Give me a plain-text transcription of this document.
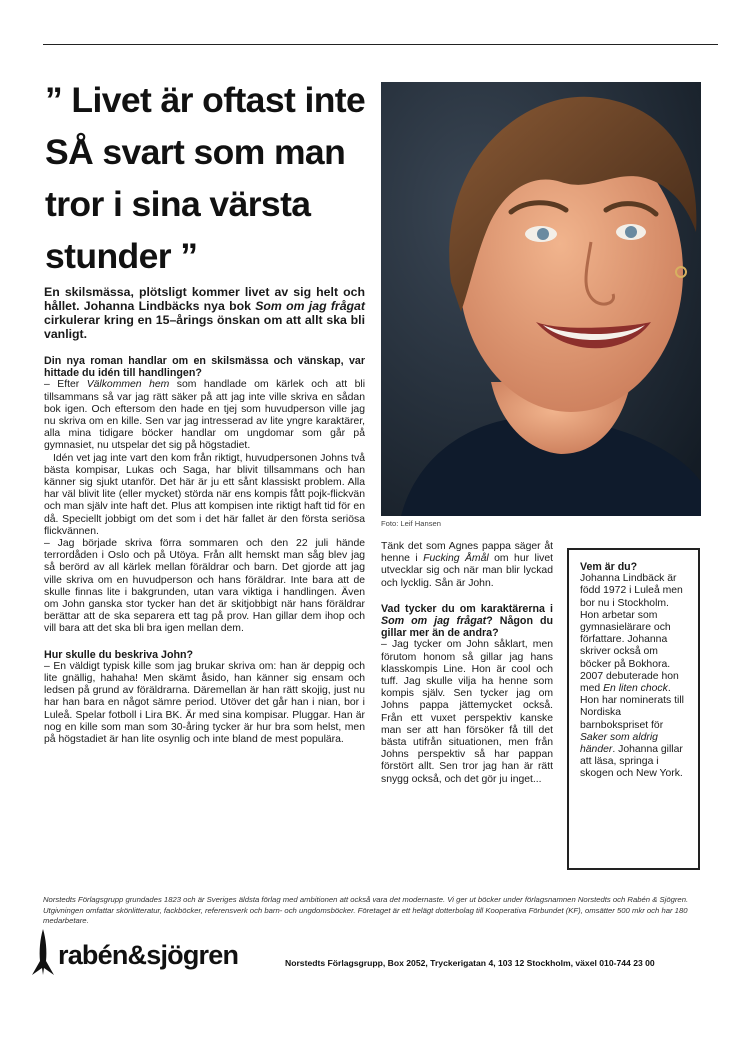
” Livet är oftast inte
SÅ svart som man
tror i sina värsta
stunder ”

En skilsmässa, plötsligt kommer livet av sig helt och hållet. Johanna Lindbäcks nya bok Som om jag frågat cirkulerar kring en 15–årings önskan om att allt ska bli vanligt.

Din nya roman handlar om en skilsmässa och vänskap, var hittade du idén till handlingen?

– Efter Välkommen hem som handlade om kärlek och att bli tillsammans så var jag rätt säker på att jag inte ville skriva en sådan bok igen. Och eftersom den hade en tjej som huvudperson ville jag nu skriva om en kille. Sen var jag intresserad av lite yngre karaktärer, alla mina tidigare böcker handlar om ungdomar som går på gymnasiet, nu utspelar det sig på högstadiet.

Idén vet jag inte vart den kom från riktigt, huvudpersonen Johns två bästa kompisar, Lukas och Saga, har blivit tillsammans och han känner sig sjukt utanför. Det här är ju ett sånt klassiskt problem. Alla har väl blivit lite (eller mycket) störda när ens kompis fått pojk-flickvän och man själv inte haft det. Plus att kompisen inte riktigt haft tid för en då. Speciellt jobbigt om det som i det här fallet är den första seriösa flickvännen.

– Jag började skriva förra sommaren och den 22 juli hände terrordåden i Oslo och på Utöya. Från allt hemskt man såg blev jag så berörd av all kärlek mellan föräldrar och barn. Det gjorde att jag ville skriva om en huvudperson och hans föräldrar. Inte bara att de skulle finnas lite i bakgrunden, utan vara viktiga i handlingen. Även om John ganska stor tycker han det är skitjobbigt när hans föräldrar berättar att de ska separera ett tag på prov. Han gillar dem ihop och vill bara att det ska bli bra igen mellan dem.

Hur skulle du beskriva John?

– En väldigt typisk kille som jag brukar skriva om: han är deppig och lite gnällig, hahaha! Men skämt åsido, han känner sig ensam och ledsen på grund av föräldrarna. Däremellan är han rätt skojig, just nu har han bara en något sämre period. Utöver det går han i nian, bor i Luleå. Spelar fotboll i Lira BK. Är med sina kompisar. Pluggar. Han är nog en kille som man som 30-åring tycker är hur bra som helst, men på högstadiet är han lite osynlig och inte bland de mest populära.

Foto: Leif Hansen

Tänk det som Agnes pappa säger åt henne i Fucking Åmål om hur livet utvecklar sig och när man blir lyckad och lycklig. Sån är John.

Vad tycker du om karaktärerna i Som om jag frågat? Någon du gillar mer än de andra?

– Jag tycker om John såklart, men förutom honom så gillar jag hans klasskompis Line. Hon är cool och tuff. Jag skulle vilja ha henne som kompis själv. Sen tycker jag om Johns pappa jättemycket också. Från ett vuxet perspektiv kanske man ser att han försöker få till det bästa utifrån situationen, men från Johns perspektiv så har pappan förstört allt. Sen tror jag han är rätt snygg också, och det gör ju inget...

Vem är du?
Johanna Lindbäck är född 1972 i Luleå men bor nu i Stockholm. Hon arbetar som gymnasielärare och författare. Johanna skriver också om böcker på Bokhora. 2007 debuterade hon med En liten chock. Hon har nominerats till Nordiska barnbokspriset för Saker som aldrig händer. Johanna gillar att läsa, springa i skogen och New York.

Norstedts Förlagsgrupp grundades 1823 och är Sveriges äldsta förlag med ambitionen att också vara det modernaste. Vi ger ut böcker under förlagsnamnen Norstedts och Rabén & Sjögren. Utgivningen omfattar skönlitteratur, fackböcker, referensverk och barn- och ungdomsböcker. Företaget är ett helägt dotterbolag till Kooperativa Förbundet (KF), omsätter 500 mkr och har 180 medarbetare.

rabén&sjögren	Norstedts Förlagsgrupp, Box 2052, Tryckerigatan 4, 103 12 Stockholm, växel 010-744 23 00
